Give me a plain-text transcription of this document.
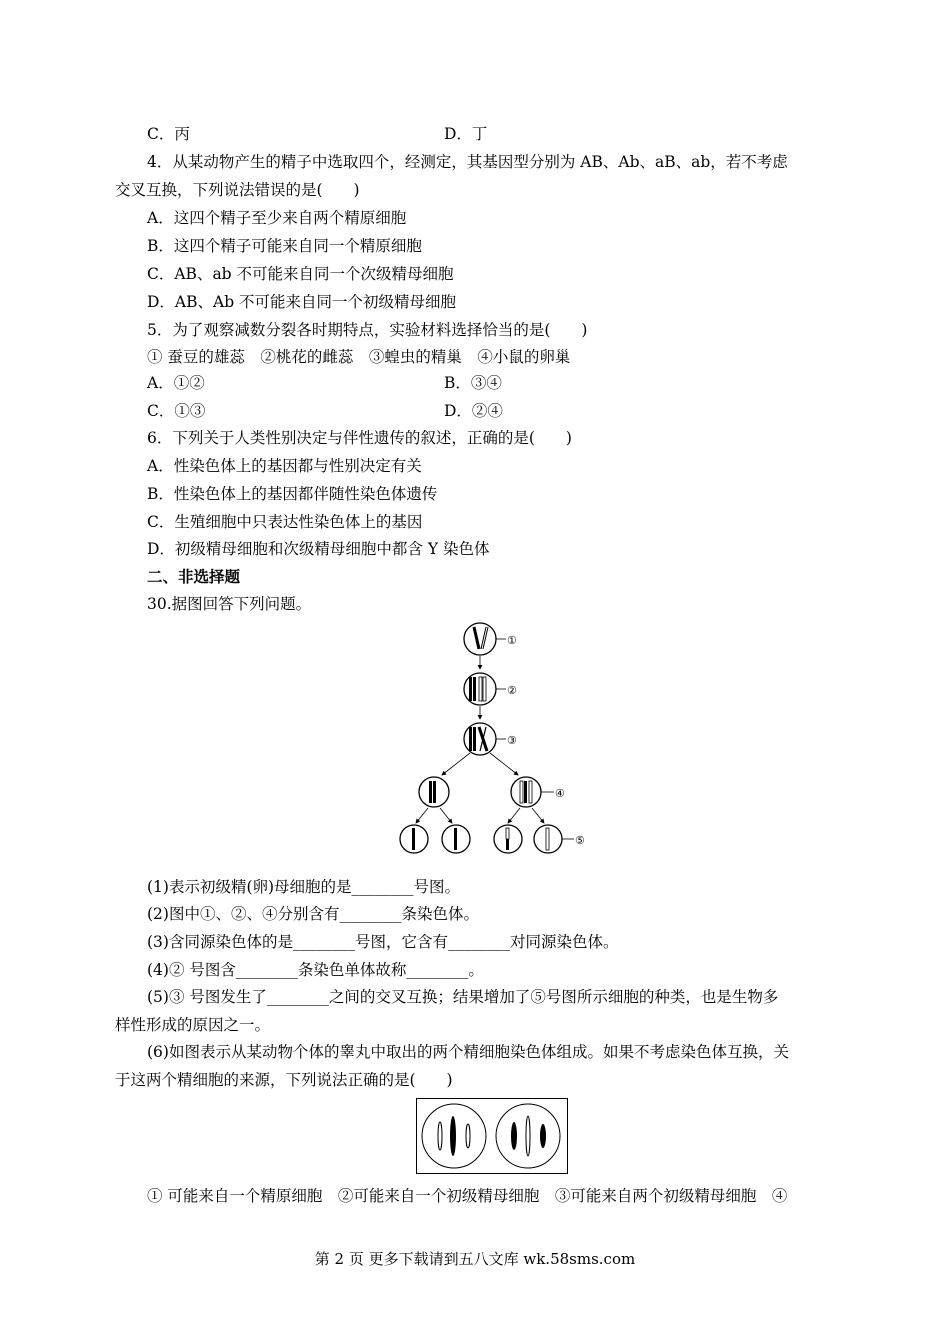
C．丙	D．丁
4．从某动物产生的精子中选取四个，经测定，其基因型分别为 AB、Ab、aB、ab，若不考虑
交叉互换，下列说法错误的是(　　)
A．这四个精子至少来自两个精原细胞
B．这四个精子可能来自同一个精原细胞
C．AB、ab 不可能来自同一个次级精母细胞
D．AB、Ab 不可能来自同一个初级精母细胞
5．为了观察减数分裂各时期特点，实验材料选择恰当的是(　　)
① 蚕豆的雄蕊　②桃花的雌蕊　③蝗虫的精巢　④小鼠的卵巢
A．①②	B．③④
C．①③	D．②④
6．下列关于人类性别决定与伴性遗传的叙述，正确的是(　　)
A．性染色体上的基因都与性别决定有关
B．性染色体上的基因都伴随性染色体遗传
C．生殖细胞中只表达性染色体上的基因
D．初级精母细胞和次级精母细胞中都含 Y 染色体
二、非选择题
30.据图回答下列问题。
①
②
③
④
⑤
(1)表示初级精(卵)母细胞的是________号图。
(2)图中①、②、④分别含有________条染色体。
(3)含同源染色体的是________号图，它含有________对同源染色体。
(4)② 号图含________条染色单体故称________。
(5)③ 号图发生了________之间的交叉互换；结果增加了⑤号图所示细胞的种类，也是生物多
样性形成的原因之一。
(6)如图表示从某动物个体的睾丸中取出的两个精细胞染色体组成。如果不考虑染色体互换，关
于这两个精细胞的来源，下列说法正确的是(　　)
① 可能来自一个精原细胞　②可能来自一个初级精母细胞　③可能来自两个初级精母细胞　④
第 2 页 更多下载请到五八文库 wk.58sms.com
